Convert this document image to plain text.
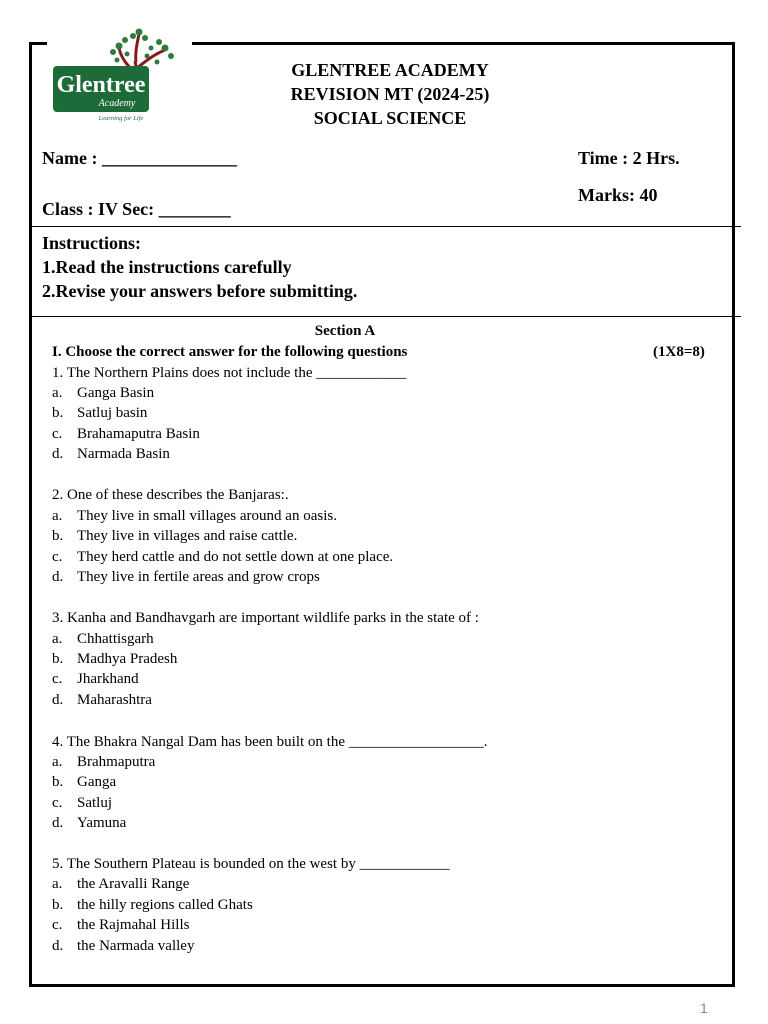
Glentree
Academy
Learning for Life
GLENTREE ACADEMY
REVISION MT (2024-25)
SOCIAL SCIENCE
Name : _______________	Time : 2 Hrs.
Marks: 40
Class : IV Sec: ________
Instructions:
1.Read the instructions carefully
2.Revise your answers before submitting.
Section A
I. Choose the correct answer for the following questions	(1X8=8)
1. The Northern Plains does not include the ____________
a. Ganga Basin
b. Satluj basin
c. Brahamaputra Basin
d. Narmada Basin
2. One of these describes the Banjaras:.
a. They live in small villages around an oasis.
b. They live in villages and raise cattle.
c. They herd cattle and do not settle down at one place.
d. They live in fertile areas and grow crops
3. Kanha and Bandhavgarh are important wildlife parks in the state of :
a. Chhattisgarh
b. Madhya Pradesh
c. Jharkhand
d. Maharashtra
4. The Bhakra Nangal Dam has been built on the __________________.
a. Brahmaputra
b. Ganga
c. Satluj
d. Yamuna
5. The Southern Plateau is bounded on the west by ____________
a. the Aravalli Range
b. the hilly regions called Ghats
c. the Rajmahal Hills
d. the Narmada valley
1
